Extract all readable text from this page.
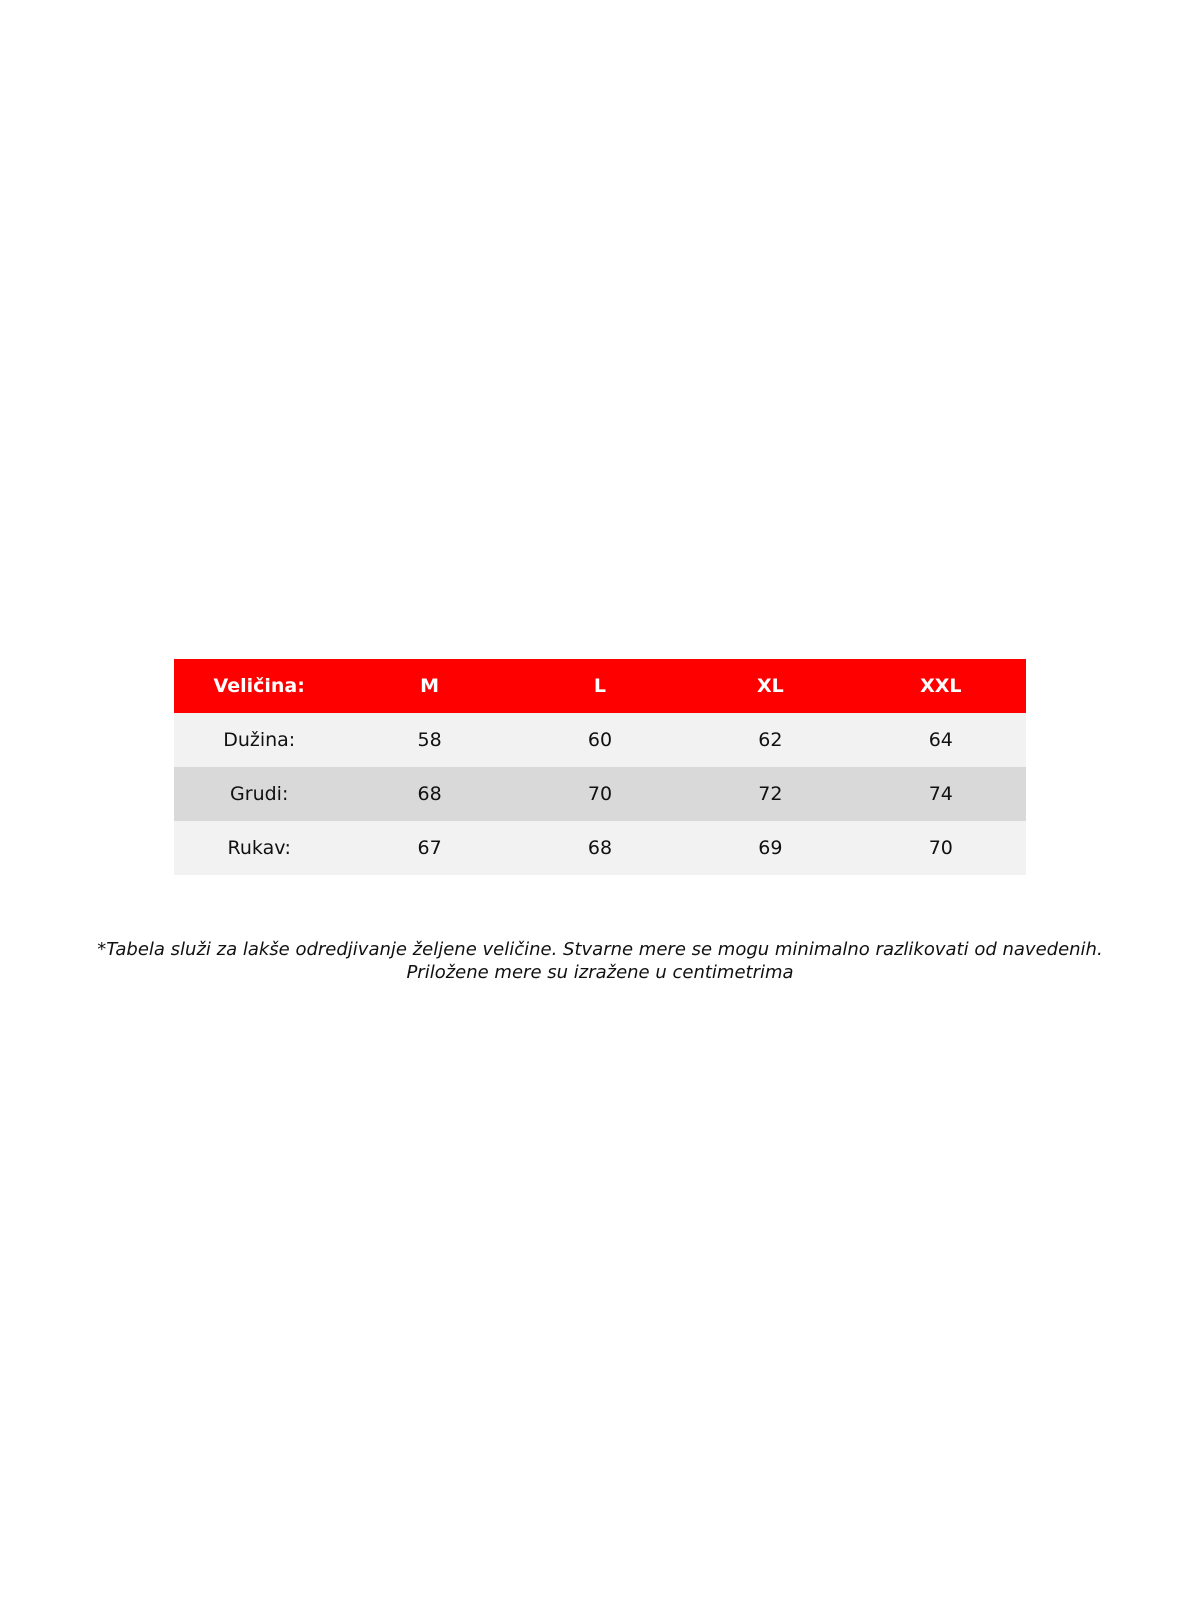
Veličina:	M	L	XL	XXL
Dužina:	58	60	62	64
Grudi:	68	70	72	74
Rukav:	67	68	69	70
*Tabela služi za lakše odredjivanje željene veličine. Stvarne mere se mogu minimalno razlikovati od navedenih.
Priložene mere su izražene u centimetrima
